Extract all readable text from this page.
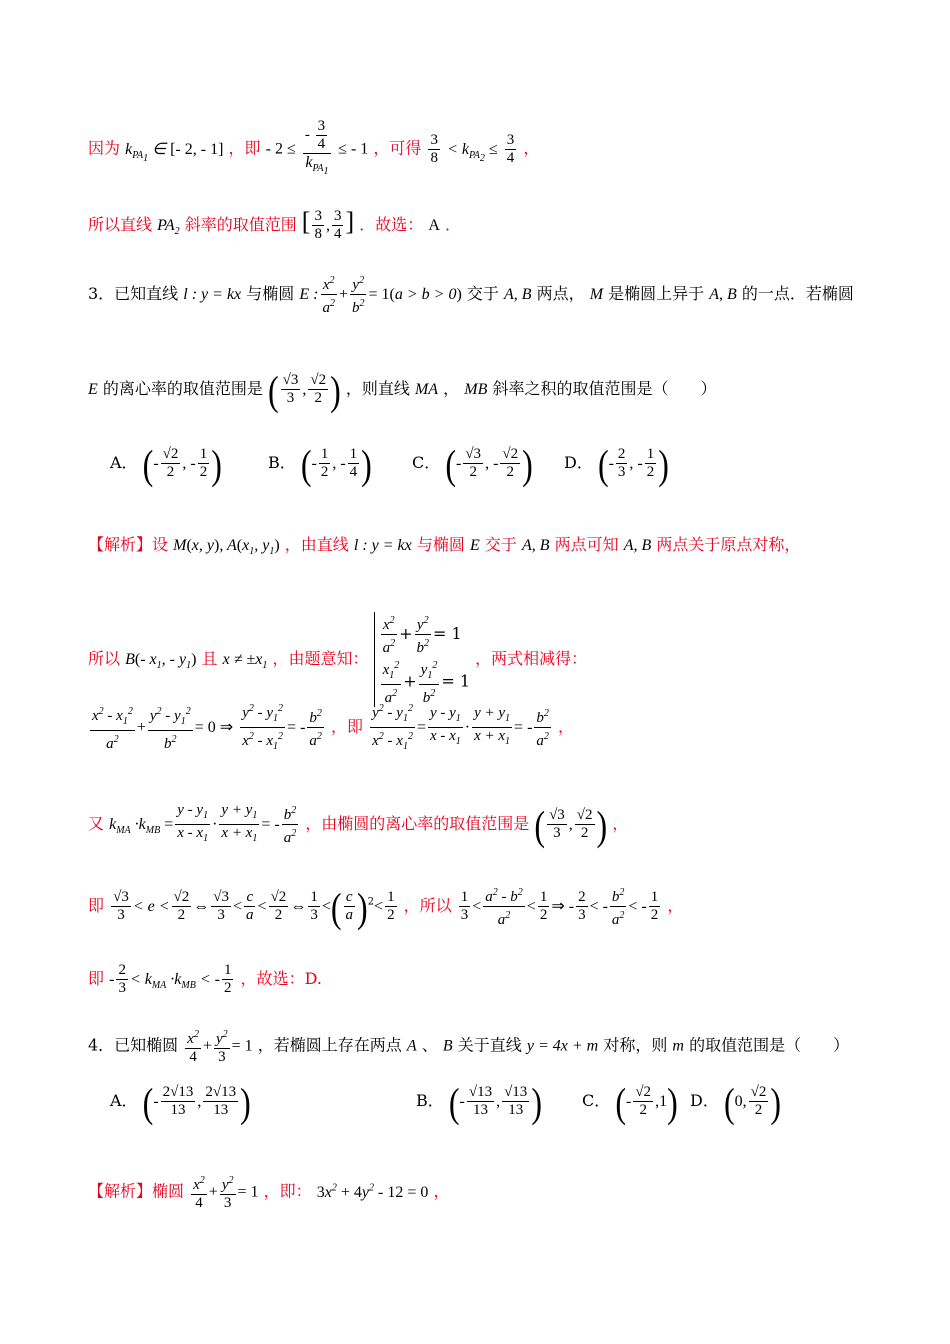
因为 $k_{PA_1}$ ∈ [- 2, - 1] ，即 - $2 \le \frac{- \frac{3}{4}}{k_{PA_1}}$ ≤ - 1 ，可得 $\frac{3}{8} < k_{PA_2} \le \frac{3}{4}$ ，
所以直线 $PA_2$ 斜率的取值范围 [ $\frac{3}{8}$ , $\frac{3}{4}$ ] ．故选： A ．
3．已知直线 l : y = kx 与椭圆 E : $\frac{x^2}{a^2} + \frac{y^2}{b^2} = 1(a > b > 0)$ 交于 A, B 两点， M 是椭圆上异于 A, B 的一点．若椭圆
E 的离心率的取值范围是 ( $\frac{√3}{3}$ , $\frac{√2}{2}$ ) ，则直线 MA ， MB 斜率之积的取值范围是（　　）
A． (- $\frac{√2}{2}$ , - $\frac{1}{2}$ )	B． (- $\frac{1}{2}$ , - $\frac{1}{4}$ )	C． (- $\frac{√3}{2}$ , - $\frac{√2}{2}$ ) D． (- $\frac{2}{3}$ , - $\frac{1}{2}$ )
【解析】设 M(x, y), $A(x_1$, $y_1$) ，由直线 l : y = kx 与椭圆 E 交于 A, B 两点可知 A, B 两点关于原点对称，
所以 B(- $x_1$, - $y_1$) 且 $x \ne \pm x_1$ ，由题意知：
$\frac{x^2}{a^2} + \frac{y^2}{b^2} = 1$
$\frac{x_1^2}{a^2} + \frac{y_1^2}{b^2} = 1$
，两式相减得：
$\frac{x^2 - x_1^2}{a^2} + \frac{y^2 - y_1^2}{b^2} = 0$ ⇒ $\frac{y^2 - y_1^2}{x^2 - x_1^2}$ = - $\frac{b^2}{a^2}$ ，即 $\frac{y^2 - y_1^2}{x^2 - x_1^2} = \frac{y - y_1}{x - x_1} \cdot \frac{y + y_1}{x + x_1}$ = - $\frac{b^2}{a^2}$ ，
又 $k_{MA} \cdot k_{MB} = \frac{y - y_1}{x - x_1} \cdot \frac{y + y_1}{x + x_1}$ = - $\frac{b^2}{a^2}$ ，由椭圆的离心率的取值范围是 ( $\frac{√3}{3}$ , $\frac{√2}{2}$ ) ，
即 $\frac{√3}{3} < e < \frac{√2}{2}$ ⇔ $\frac{√3}{3} < \frac{c}{a} < \frac{√2}{2}$ ⇔ $\frac{1}{3}$ <( $\frac{c}{a} )^2< \frac{1}{2}$ ，所以 $\frac{1}{3} < \frac{a^2 - b^2}{a^2} < \frac{1}{2}$ ⇒ - $\frac{2}{3}$ < - $\frac{b^2}{a^2}$ < - $\frac{1}{2}$ ，
即 - $\frac{2}{3} < k_{MA} \cdot k_{MB}$ < - $\frac{1}{2}$ ，故选：D.
4．已知椭圆 $\frac{x^2}{4} + \frac{y^2}{3} = 1$ ，若椭圆上存在两点 A 、 B 关于直线 y = 4x + m 对称，则 m 的取值范围是（　　）
A． (- $\frac{2√13}{13}$ , $\frac{2√13}{13}$ )	B． (- $\frac{√13}{13}$ , $\frac{√13}{13}$ )	C． (- $\frac{√2}{2} ,1$) D． (0, $\frac{√2}{2}$ )
【解析】椭圆 $\frac{x^2}{4} + \frac{y^2}{3} = 1$ ，即： $3x^2 + 4y^2 - 12 = 0$ ，
